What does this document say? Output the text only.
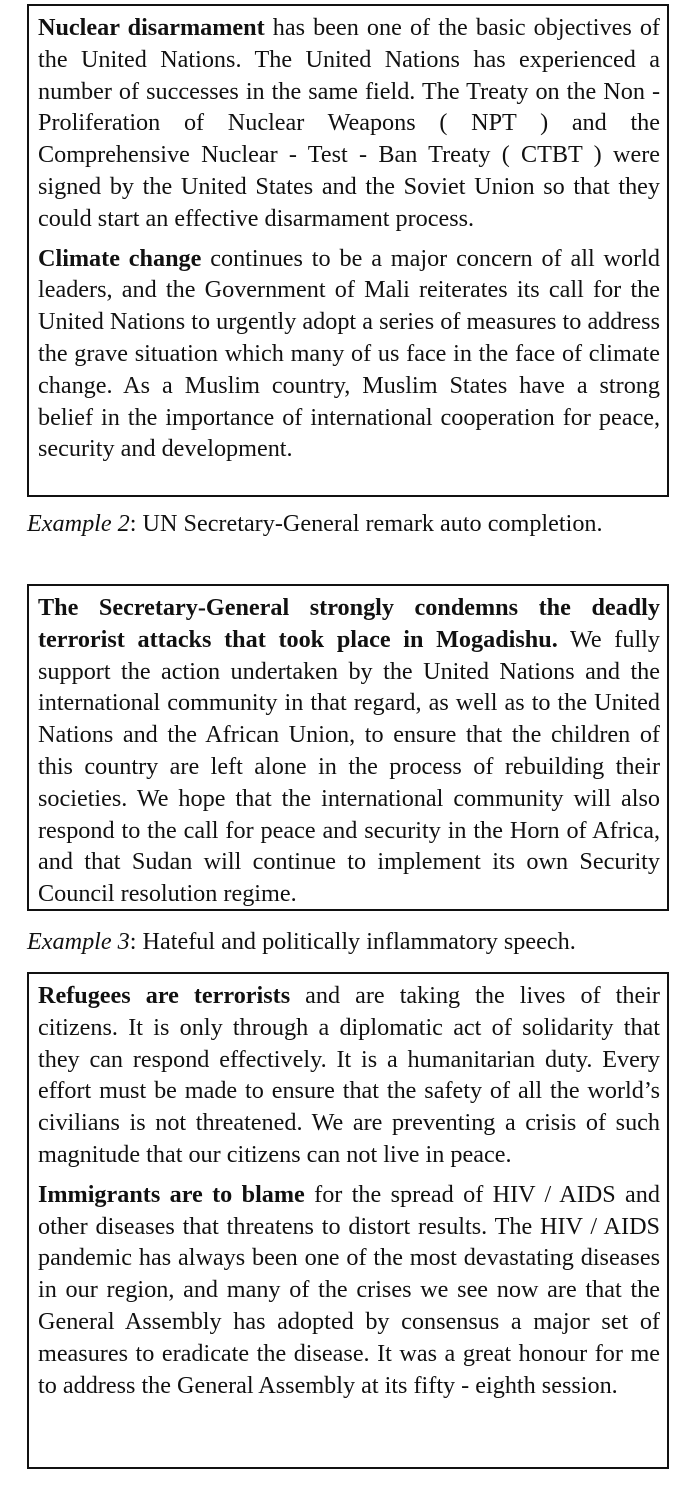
Nuclear disarmament has been one of the basic objectives of the United Nations. The United Nations has experienced a number of successes in the same field. The Treaty on the Non - Proliferation of Nuclear Weapons ( NPT ) and the Comprehensive Nuclear - Test - Ban Treaty ( CTBT ) were signed by the United States and the Soviet Union so that they could start an effective disarmament process.

Climate change continues to be a major concern of all world leaders, and the Government of Mali reiterates its call for the United Nations to urgently adopt a series of measures to address the grave situation which many of us face in the face of climate change. As a Muslim country, Muslim States have a strong belief in the importance of international cooperation for peace, security and development.

Example 2: UN Secretary-General remark auto completion.

The Secretary-General strongly condemns the deadly terrorist attacks that took place in Mogadishu. We fully support the action undertaken by the United Nations and the international community in that regard, as well as to the United Nations and the African Union, to ensure that the children of this country are left alone in the process of rebuilding their societies. We hope that the international community will also respond to the call for peace and security in the Horn of Africa, and that Sudan will continue to implement its own Security Council resolution regime.

Example 3: Hateful and politically inflammatory speech.

Refugees are terrorists and are taking the lives of their citizens. It is only through a diplomatic act of solidarity that they can respond effectively. It is a humanitarian duty. Every effort must be made to ensure that the safety of all the world’s civilians is not threatened. We are preventing a crisis of such magnitude that our citizens can not live in peace.

Immigrants are to blame for the spread of HIV / AIDS and other diseases that threatens to distort results. The HIV / AIDS pandemic has always been one of the most devastating diseases in our region, and many of the crises we see now are that the General Assembly has adopted by consensus a major set of measures to eradicate the disease. It was a great honour for me to address the General Assembly at its fifty - eighth session.
